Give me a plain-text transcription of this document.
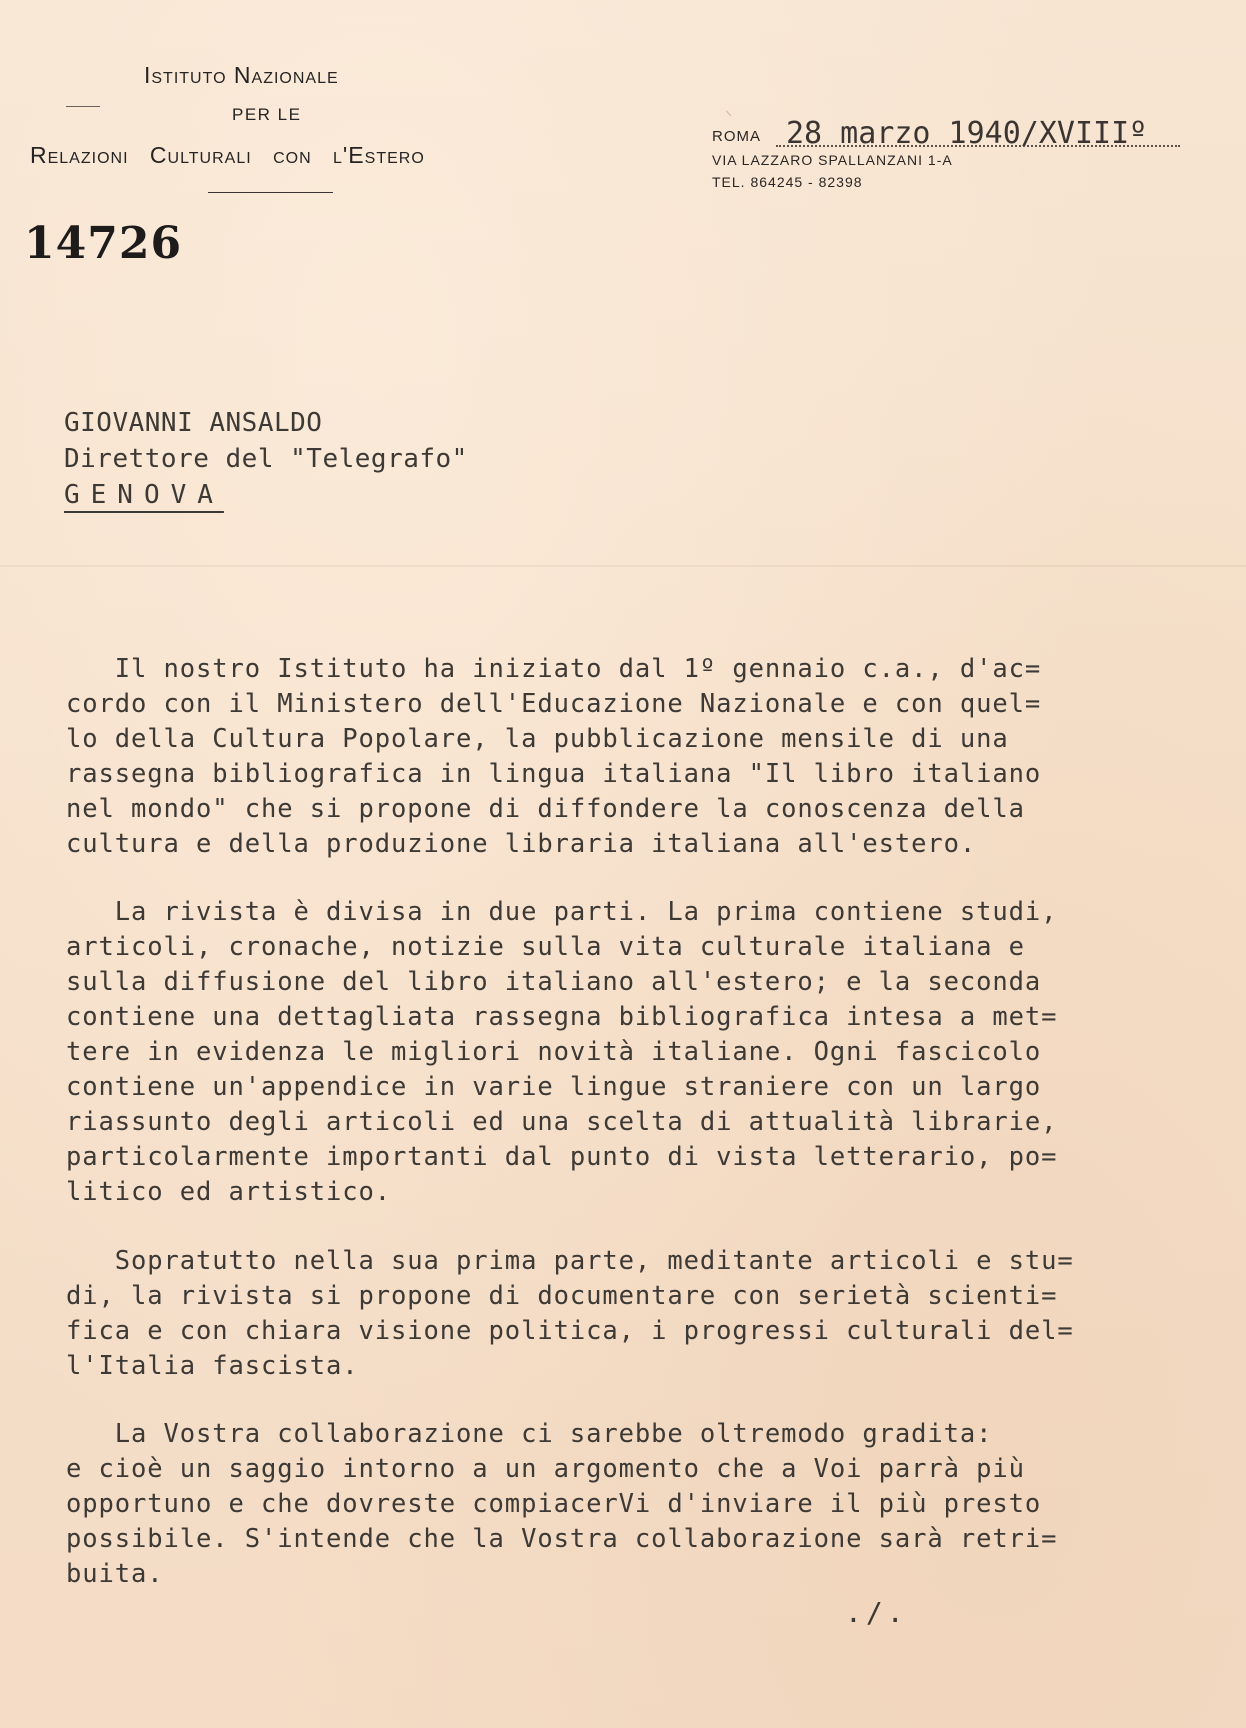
Istituto Nazionale
PER LE
Relazioni Culturali con l'Estero
14726
ROMA 28 marzo 1940/XVIIIº
VIA LAZZARO SPALLANZANI 1-A
TEL. 864245 - 82398
GIOVANNI ANSALDO
Direttore del "Telegrafo"
GENOVA
Il nostro Istituto ha iniziato dal 1º gennaio c.a., d'ac=
cordo con il Ministero dell'Educazione Nazionale e con quel=
lo della Cultura Popolare, la pubblicazione mensile di una
rassegna bibliografica in lingua italiana "Il libro italiano
nel mondo" che si propone di diffondere la conoscenza della
cultura e della produzione libraria italiana all'estero.
La rivista è divisa in due parti. La prima contiene studi,
articoli, cronache, notizie sulla vita culturale italiana e
sulla diffusione del libro italiano all'estero; e la seconda
contiene una dettagliata rassegna bibliografica intesa a met=
tere in evidenza le migliori novità italiane. Ogni fascicolo
contiene un'appendice in varie lingue straniere con un largo
riassunto degli articoli ed una scelta di attualità librarie,
particolarmente importanti dal punto di vista letterario, po=
litico ed artistico.
Sopratutto nella sua prima parte, meditante articoli e stu=
di, la rivista si propone di documentare con serietà scienti=
fica e con chiara visione politica, i progressi culturali del=
l'Italia fascista.
La Vostra collaborazione ci sarebbe oltremodo gradita:
e cioè un saggio intorno a un argomento che a Voi parrà più
opportuno e che dovreste compiacerVi d'inviare il più presto
possibile. S'intende che la Vostra collaborazione sarà retri=
buita.
./.
